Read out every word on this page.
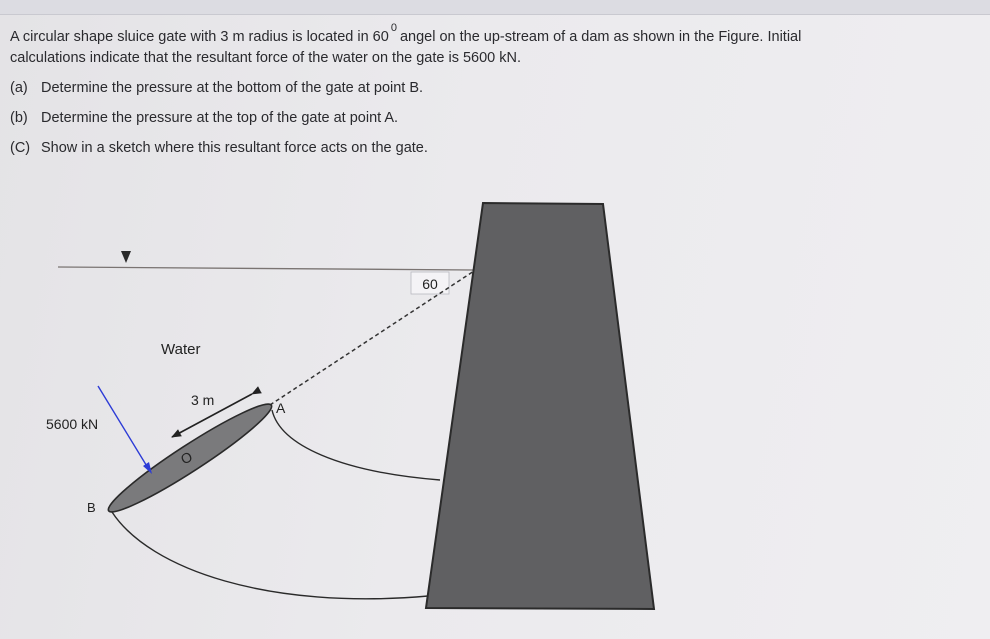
A circular shape sluice gate with 3 m radius is located in $60^0angel$ on the up-stream of a dam as shown in the Figure. Initial

calculations indicate that the resultant force of the water on the gate is 5600 kN.

(a) Determine the pressure at the bottom of the gate at point B.

(b) Determine the pressure at the top of the gate at point A.

(C) Show in a sketch where this resultant force acts on the gate.

60
3 m
5600 kN
Water
A
B
O
